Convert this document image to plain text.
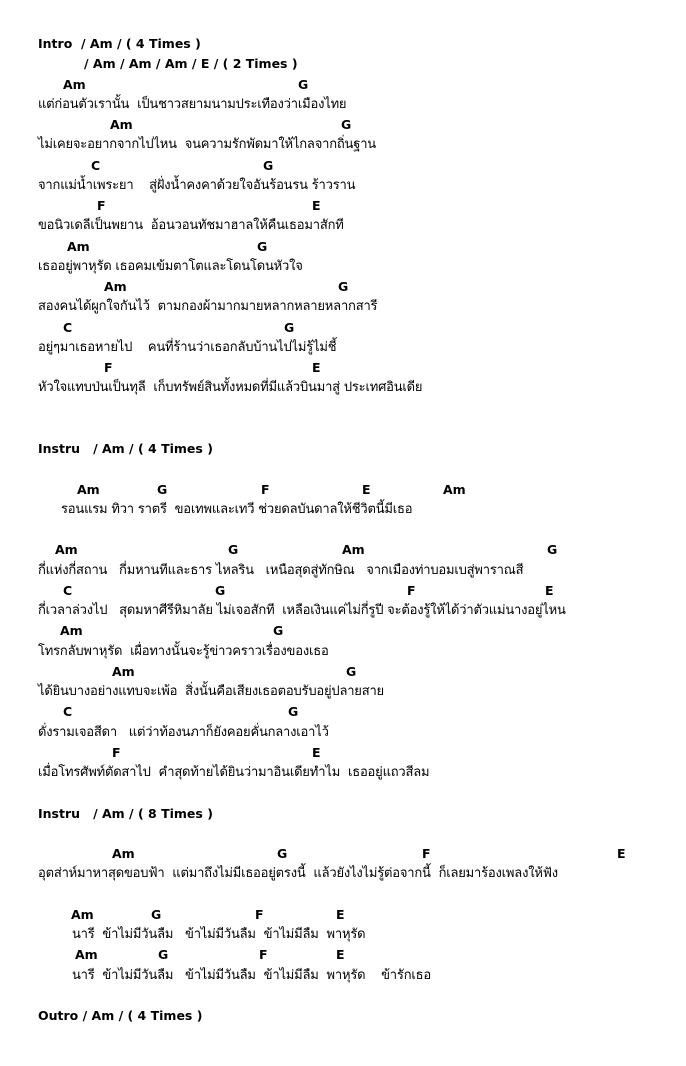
Intro  / Am / ( 4 Times )
/ Am / Am / Am / E / ( 2 Times )
Am	G
แต่ก่อนตัวเรานั้น  เป็นชาวสยามนามประเทืองว่าเมืองไทย
Am	G
ไม่เคยจะอยากจากไปไหน  จนความรักพัดมาให้ไกลจากถิ่นฐาน
C	G
จากแม่น้ำเพระยา    สู่ฝั่งน้ำคงคาด้วยใจอันร้อนรน ร้าวราน
F	E
ขอนิวเดลีเป็นพยาน  อ้อนวอนทัชมาฮาลให้คืนเธอมาสักที
Am	G
เธออยู่พาหุรัด เธอคมเข้มตาโตและโดนโดนหัวใจ
Am	G
สองคนได้ผูกใจกันไว้  ตามกองผ้ามากมายหลากหลายหลากสารี
C	G
อยู่ๆมาเธอหายไป    คนที่ร้านว่าเธอกลับบ้านไปไม่รู้ไม่ชี้
F	E
หัวใจแทบป่นเป็นทุลี  เก็บทรัพย์สินทั้งหมดที่มีแล้วบินมาสู่ ประเทศอินเดีย
Instru   / Am / ( 4 Times )
Am	G	F	E	Am
รอนแรม ทิวา ราตรี  ขอเทพและเทวี ช่วยดลบันดาลให้ชีวิตนี้มีเธอ
Am	G	Am	G
กี่แห่งกี่สถาน   กี่มหานทีและธาร ไหลริน   เหนือสุดสู่ทักษิณ   จากเมืองท่าบอมเบสู่พาราณสี
C	G	F	E
กี่เวลาล่วงไป   สุดมหาศีรีหิมาลัย ไม่เจอสักที  เหลือเงินแค่ไม่กี่รูปี จะต้องรู้ให้ได้ว่าตัวแม่นางอยู่ไหน
Am	G
โทรกลับพาหุรัด  เผื่อทางนั้นจะรู้ข่าวคราวเรื่องของเธอ
Am	G
ได้ยินบางอย่างแทบจะเพ้อ  สิ่งนั้นคือเสียงเธอตอบรับอยู่ปลายสาย
C	G
ดั่งรามเจอสีดา   แต่ว่าท้องนภาก็ยังคอยคั่นกลางเอาไว้
F	E
เมื่อโทรศัพท์ตัดสาไป  คำสุดท้ายได้ยินว่ามาอินเดียทำไม  เธออยู่แถวสีลม
Instru   / Am / ( 8 Times )
Am	G	F	E
อุตส่าห์มาหาสุดขอบฟ้า  แต่มาถึงไม่มีเธออยู่ตรงนี้  แล้วยังไงไม่รู้ต่อจากนี้  ก็เลยมาร้องเพลงให้ฟัง
Am	G	F	E
นารี  ข้าไม่มีวันลืม   ข้าไม่มีวันลืม  ข้าไม่มีลืม  พาหุรัด
Am	G	F	E
นารี  ข้าไม่มีวันลืม   ข้าไม่มีวันลืม  ข้าไม่มีลืม  พาหุรัด    ข้ารักเธอ
Outro / Am / ( 4 Times )
